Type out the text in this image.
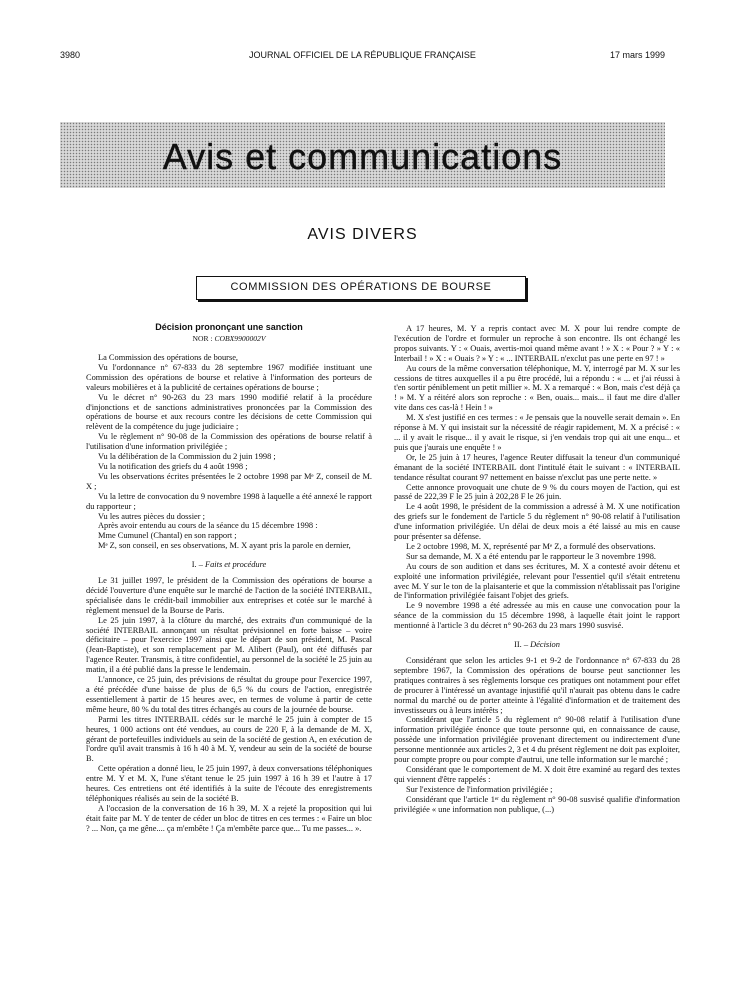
3980	JOURNAL OFFICIEL DE LA RÉPUBLIQUE FRANÇAISE	17 mars 1999
Avis et communications
AVIS DIVERS
COMMISSION DES OPÉRATIONS DE BOURSE

Décision prononçant une sanction

NOR : COBX9900002V

La Commission des opérations de bourse,

Vu l'ordonnance n° 67-833 du 28 septembre 1967 modifiée instituant une Commission des opérations de bourse et relative à l'information des porteurs de valeurs mobilières et à la publicité de certaines opérations de bourse ;

Vu le décret n° 90-263 du 23 mars 1990 modifié relatif à la procédure d'injonctions et de sanctions administratives prononcées par la Commission des opérations de bourse et aux recours contre les décisions de cette Commission qui relèvent de la compétence du juge judiciaire ;

Vu le règlement n° 90-08 de la Commission des opérations de bourse relatif à l'utilisation d'une information privilégiée ;

Vu la délibération de la Commission du 2 juin 1998 ;

Vu la notification des griefs du 4 août 1998 ;

Vu les observations écrites présentées le 2 octobre 1998 par Mᵉ Z, conseil de M. X ;

Vu la lettre de convocation du 9 novembre 1998 à laquelle a été annexé le rapport du rapporteur ;

Vu les autres pièces du dossier ;

Après avoir entendu au cours de la séance du 15 décembre 1998 :

Mme Cumunel (Chantal) en son rapport ;

Mᵉ Z, son conseil, en ses observations, M. X ayant pris la parole en dernier,

I. – Faits et procédure

Le 31 juillet 1997, le président de la Commission des opérations de bourse a décidé l'ouverture d'une enquête sur le marché de l'action de la société INTERBAIL, spécialisée dans le crédit-bail immobilier aux entreprises et cotée sur le marché à règlement mensuel de la Bourse de Paris.

Le 25 juin 1997, à la clôture du marché, des extraits d'un communiqué de la société INTERBAIL annonçant un résultat prévisionnel en forte baisse – voire déficitaire – pour l'exercice 1997 ainsi que le départ de son président, M. Pascal (Jean-Baptiste), et son remplacement par M. Alibert (Paul), ont été diffusés par l'agence Reuter. Transmis, à titre confidentiel, au personnel de la société le 25 juin au matin, il a été publié dans la presse le lendemain.

L'annonce, ce 25 juin, des prévisions de résultat du groupe pour l'exercice 1997, a été précédée d'une baisse de plus de 6,5 % du cours de l'action, enregistrée essentiellement à partir de 15 heures avec, en termes de volume à partir de cette même heure, 80 % du total des titres échangés au cours de la journée de bourse.

Parmi les titres INTERBAIL cédés sur le marché le 25 juin à compter de 15 heures, 1 000 actions ont été vendues, au cours de 220 F, à la demande de M. X, gérant de portefeuilles individuels au sein de la société de gestion A, en exécution de l'ordre qu'il avait transmis à 16 h 40 à M. Y, vendeur au sein de la société de bourse B.

Cette opération a donné lieu, le 25 juin 1997, à deux conversations téléphoniques entre M. Y et M. X, l'une s'étant tenue le 25 juin 1997 à 16 h 39 et l'autre à 17 heures. Ces entretiens ont été identifiés à la suite de l'écoute des enregistrements téléphoniques réalisés au sein de la société B.

A l'occasion de la conversation de 16 h 39, M. X a rejeté la proposition qui lui était faite par M. Y de tenter de céder un bloc de titres en ces termes : « Faire un bloc ? ... Non, ça me gêne.... ça m'embête ! Ça m'embête parce que... Tu me passes... ».

A 17 heures, M. Y a repris contact avec M. X pour lui rendre compte de l'exécution de l'ordre et formuler un reproche à son encontre. Ils ont échangé les propos suivants. Y : « Ouais, avertis-moi quand même avant ! » X : « Pour ? » Y : « Interbail ! » X : « Ouais ? » Y : « ... INTERBAIL n'exclut pas une perte en 97 ! »

Au cours de la même conversation téléphonique, M. Y, interrogé par M. X sur les cessions de titres auxquelles il a pu être procédé, lui a répondu : « ... et j'ai réussi à t'en sortir péniblement un petit millier ». M. X a remarqué : « Bon, mais c'est déjà ça ! » M. Y a réitéré alors son reproche : « Ben, ouais... mais... il faut me dire d'aller vite dans ces cas-là ! Hein ! »

M. X s'est justifié en ces termes : « Je pensais que la nouvelle serait demain ». En réponse à M. Y qui insistait sur la nécessité de réagir rapidement, M. X a précisé : « ... il y avait le risque... il y avait le risque, si j'en vendais trop qui ait une enqu... et puis que j'aurais une enquête ! »

Or, le 25 juin à 17 heures, l'agence Reuter diffusait la teneur d'un communiqué émanant de la société INTERBAIL dont l'intitulé était le suivant : « INTERBAIL tendance résultat courant 97 nettement en baisse n'exclut pas une perte nette. »

Cette annonce provoquait une chute de 9 % du cours moyen de l'action, qui est passé de 222,39 F le 25 juin à 202,28 F le 26 juin.

Le 4 août 1998, le président de la commission a adressé à M. X une notification des griefs sur le fondement de l'article 5 du règlement n° 90-08 relatif à l'utilisation d'une information privilégiée. Un délai de deux mois a été laissé au mis en cause pour présenter sa défense.

Le 2 octobre 1998, M. X, représenté par Mᵉ Z, a formulé des observations.

Sur sa demande, M. X a été entendu par le rapporteur le 3 novembre 1998.

Au cours de son audition et dans ses écritures, M. X a contesté avoir détenu et exploité une information privilégiée, relevant pour l'essentiel qu'il s'était entretenu avec M. Y sur le ton de la plaisanterie et que la commission n'établissait pas l'origine de l'information privilégiée faisant l'objet des griefs.

Le 9 novembre 1998 a été adressée au mis en cause une convocation pour la séance de la commission du 15 décembre 1998, à laquelle était joint le rapport mentionné à l'article 3 du décret n° 90-263 du 23 mars 1990 susvisé.

II. – Décision

Considérant que selon les articles 9-1 et 9-2 de l'ordonnance n° 67-833 du 28 septembre 1967, la Commission des opérations de bourse peut sanctionner les pratiques contraires à ses règlements lorsque ces pratiques ont notamment pour effet de procurer à l'intéressé un avantage injustifié qu'il n'aurait pas obtenu dans le cadre normal du marché ou de porter atteinte à l'égalité d'information et de traitement des investisseurs ou à leurs intérêts ;

Considérant que l'article 5 du règlement n° 90-08 relatif à l'utilisation d'une information privilégiée énonce que toute personne qui, en connaissance de cause, possède une information privilégiée provenant directement ou indirectement d'une personne mentionnée aux articles 2, 3 et 4 du présent règlement ne doit pas exploiter, pour compte propre ou pour compte d'autrui, une telle information sur le marché ;

Considérant que le comportement de M. X doit être examiné au regard des textes qui viennent d'être rappelés :

Sur l'existence de l'information privilégiée ;

Considérant que l'article 1ᵉʳ du règlement n° 90-08 susvisé qualifie d'information privilégiée « une information non publique, (...)
